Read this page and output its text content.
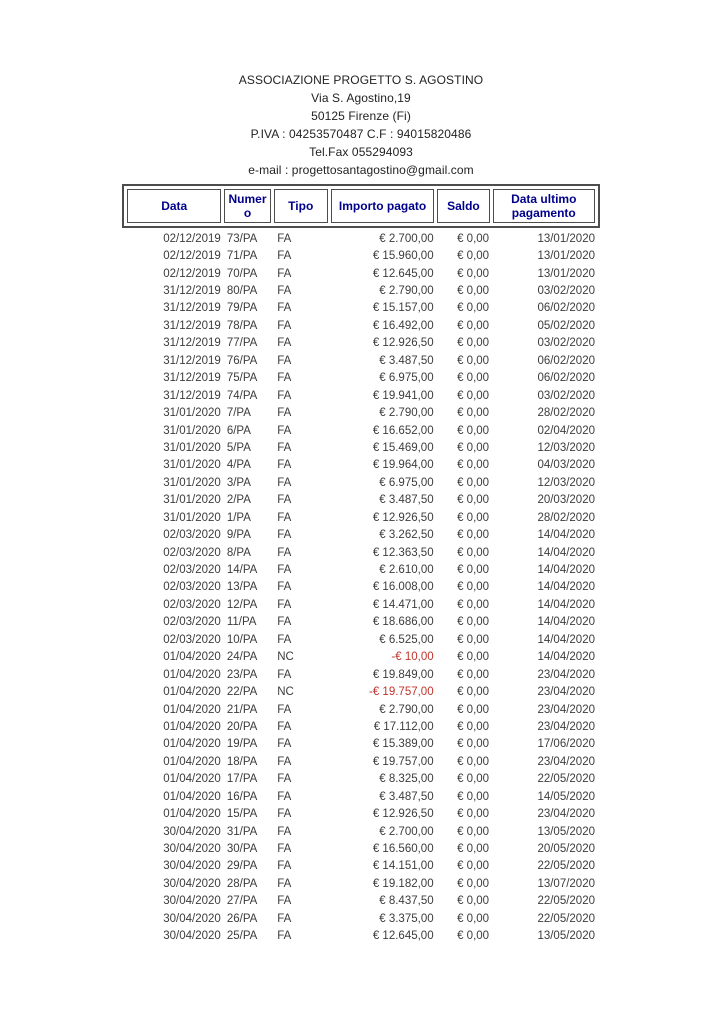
ASSOCIAZIONE PROGETTO S. AGOSTINO
Via S. Agostino,19
50125 Firenze (Fi)
P.IVA : 04253570487 C.F : 94015820486
Tel.Fax 055294093
e-mail : progettosantagostino@gmail.com
Data	Numero	Tipo	Importo pagato	Saldo	Data ultimo pagamento
02/12/2019	73/PA	FA	€ 2.700,00	€ 0,00	13/01/2020
02/12/2019	71/PA	FA	€ 15.960,00	€ 0,00	13/01/2020
02/12/2019	70/PA	FA	€ 12.645,00	€ 0,00	13/01/2020
31/12/2019	80/PA	FA	€ 2.790,00	€ 0,00	03/02/2020
31/12/2019	79/PA	FA	€ 15.157,00	€ 0,00	06/02/2020
31/12/2019	78/PA	FA	€ 16.492,00	€ 0,00	05/02/2020
31/12/2019	77/PA	FA	€ 12.926,50	€ 0,00	03/02/2020
31/12/2019	76/PA	FA	€ 3.487,50	€ 0,00	06/02/2020
31/12/2019	75/PA	FA	€ 6.975,00	€ 0,00	06/02/2020
31/12/2019	74/PA	FA	€ 19.941,00	€ 0,00	03/02/2020
31/01/2020	7/PA	FA	€ 2.790,00	€ 0,00	28/02/2020
31/01/2020	6/PA	FA	€ 16.652,00	€ 0,00	02/04/2020
31/01/2020	5/PA	FA	€ 15.469,00	€ 0,00	12/03/2020
31/01/2020	4/PA	FA	€ 19.964,00	€ 0,00	04/03/2020
31/01/2020	3/PA	FA	€ 6.975,00	€ 0,00	12/03/2020
31/01/2020	2/PA	FA	€ 3.487,50	€ 0,00	20/03/2020
31/01/2020	1/PA	FA	€ 12.926,50	€ 0,00	28/02/2020
02/03/2020	9/PA	FA	€ 3.262,50	€ 0,00	14/04/2020
02/03/2020	8/PA	FA	€ 12.363,50	€ 0,00	14/04/2020
02/03/2020	14/PA	FA	€ 2.610,00	€ 0,00	14/04/2020
02/03/2020	13/PA	FA	€ 16.008,00	€ 0,00	14/04/2020
02/03/2020	12/PA	FA	€ 14.471,00	€ 0,00	14/04/2020
02/03/2020	11/PA	FA	€ 18.686,00	€ 0,00	14/04/2020
02/03/2020	10/PA	FA	€ 6.525,00	€ 0,00	14/04/2020
01/04/2020	24/PA	NC	-€ 10,00	€ 0,00	14/04/2020
01/04/2020	23/PA	FA	€ 19.849,00	€ 0,00	23/04/2020
01/04/2020	22/PA	NC	-€ 19.757,00	€ 0,00	23/04/2020
01/04/2020	21/PA	FA	€ 2.790,00	€ 0,00	23/04/2020
01/04/2020	20/PA	FA	€ 17.112,00	€ 0,00	23/04/2020
01/04/2020	19/PA	FA	€ 15.389,00	€ 0,00	17/06/2020
01/04/2020	18/PA	FA	€ 19.757,00	€ 0,00	23/04/2020
01/04/2020	17/PA	FA	€ 8.325,00	€ 0,00	22/05/2020
01/04/2020	16/PA	FA	€ 3.487,50	€ 0,00	14/05/2020
01/04/2020	15/PA	FA	€ 12.926,50	€ 0,00	23/04/2020
30/04/2020	31/PA	FA	€ 2.700,00	€ 0,00	13/05/2020
30/04/2020	30/PA	FA	€ 16.560,00	€ 0,00	20/05/2020
30/04/2020	29/PA	FA	€ 14.151,00	€ 0,00	22/05/2020
30/04/2020	28/PA	FA	€ 19.182,00	€ 0,00	13/07/2020
30/04/2020	27/PA	FA	€ 8.437,50	€ 0,00	22/05/2020
30/04/2020	26/PA	FA	€ 3.375,00	€ 0,00	22/05/2020
30/04/2020	25/PA	FA	€ 12.645,00	€ 0,00	13/05/2020
